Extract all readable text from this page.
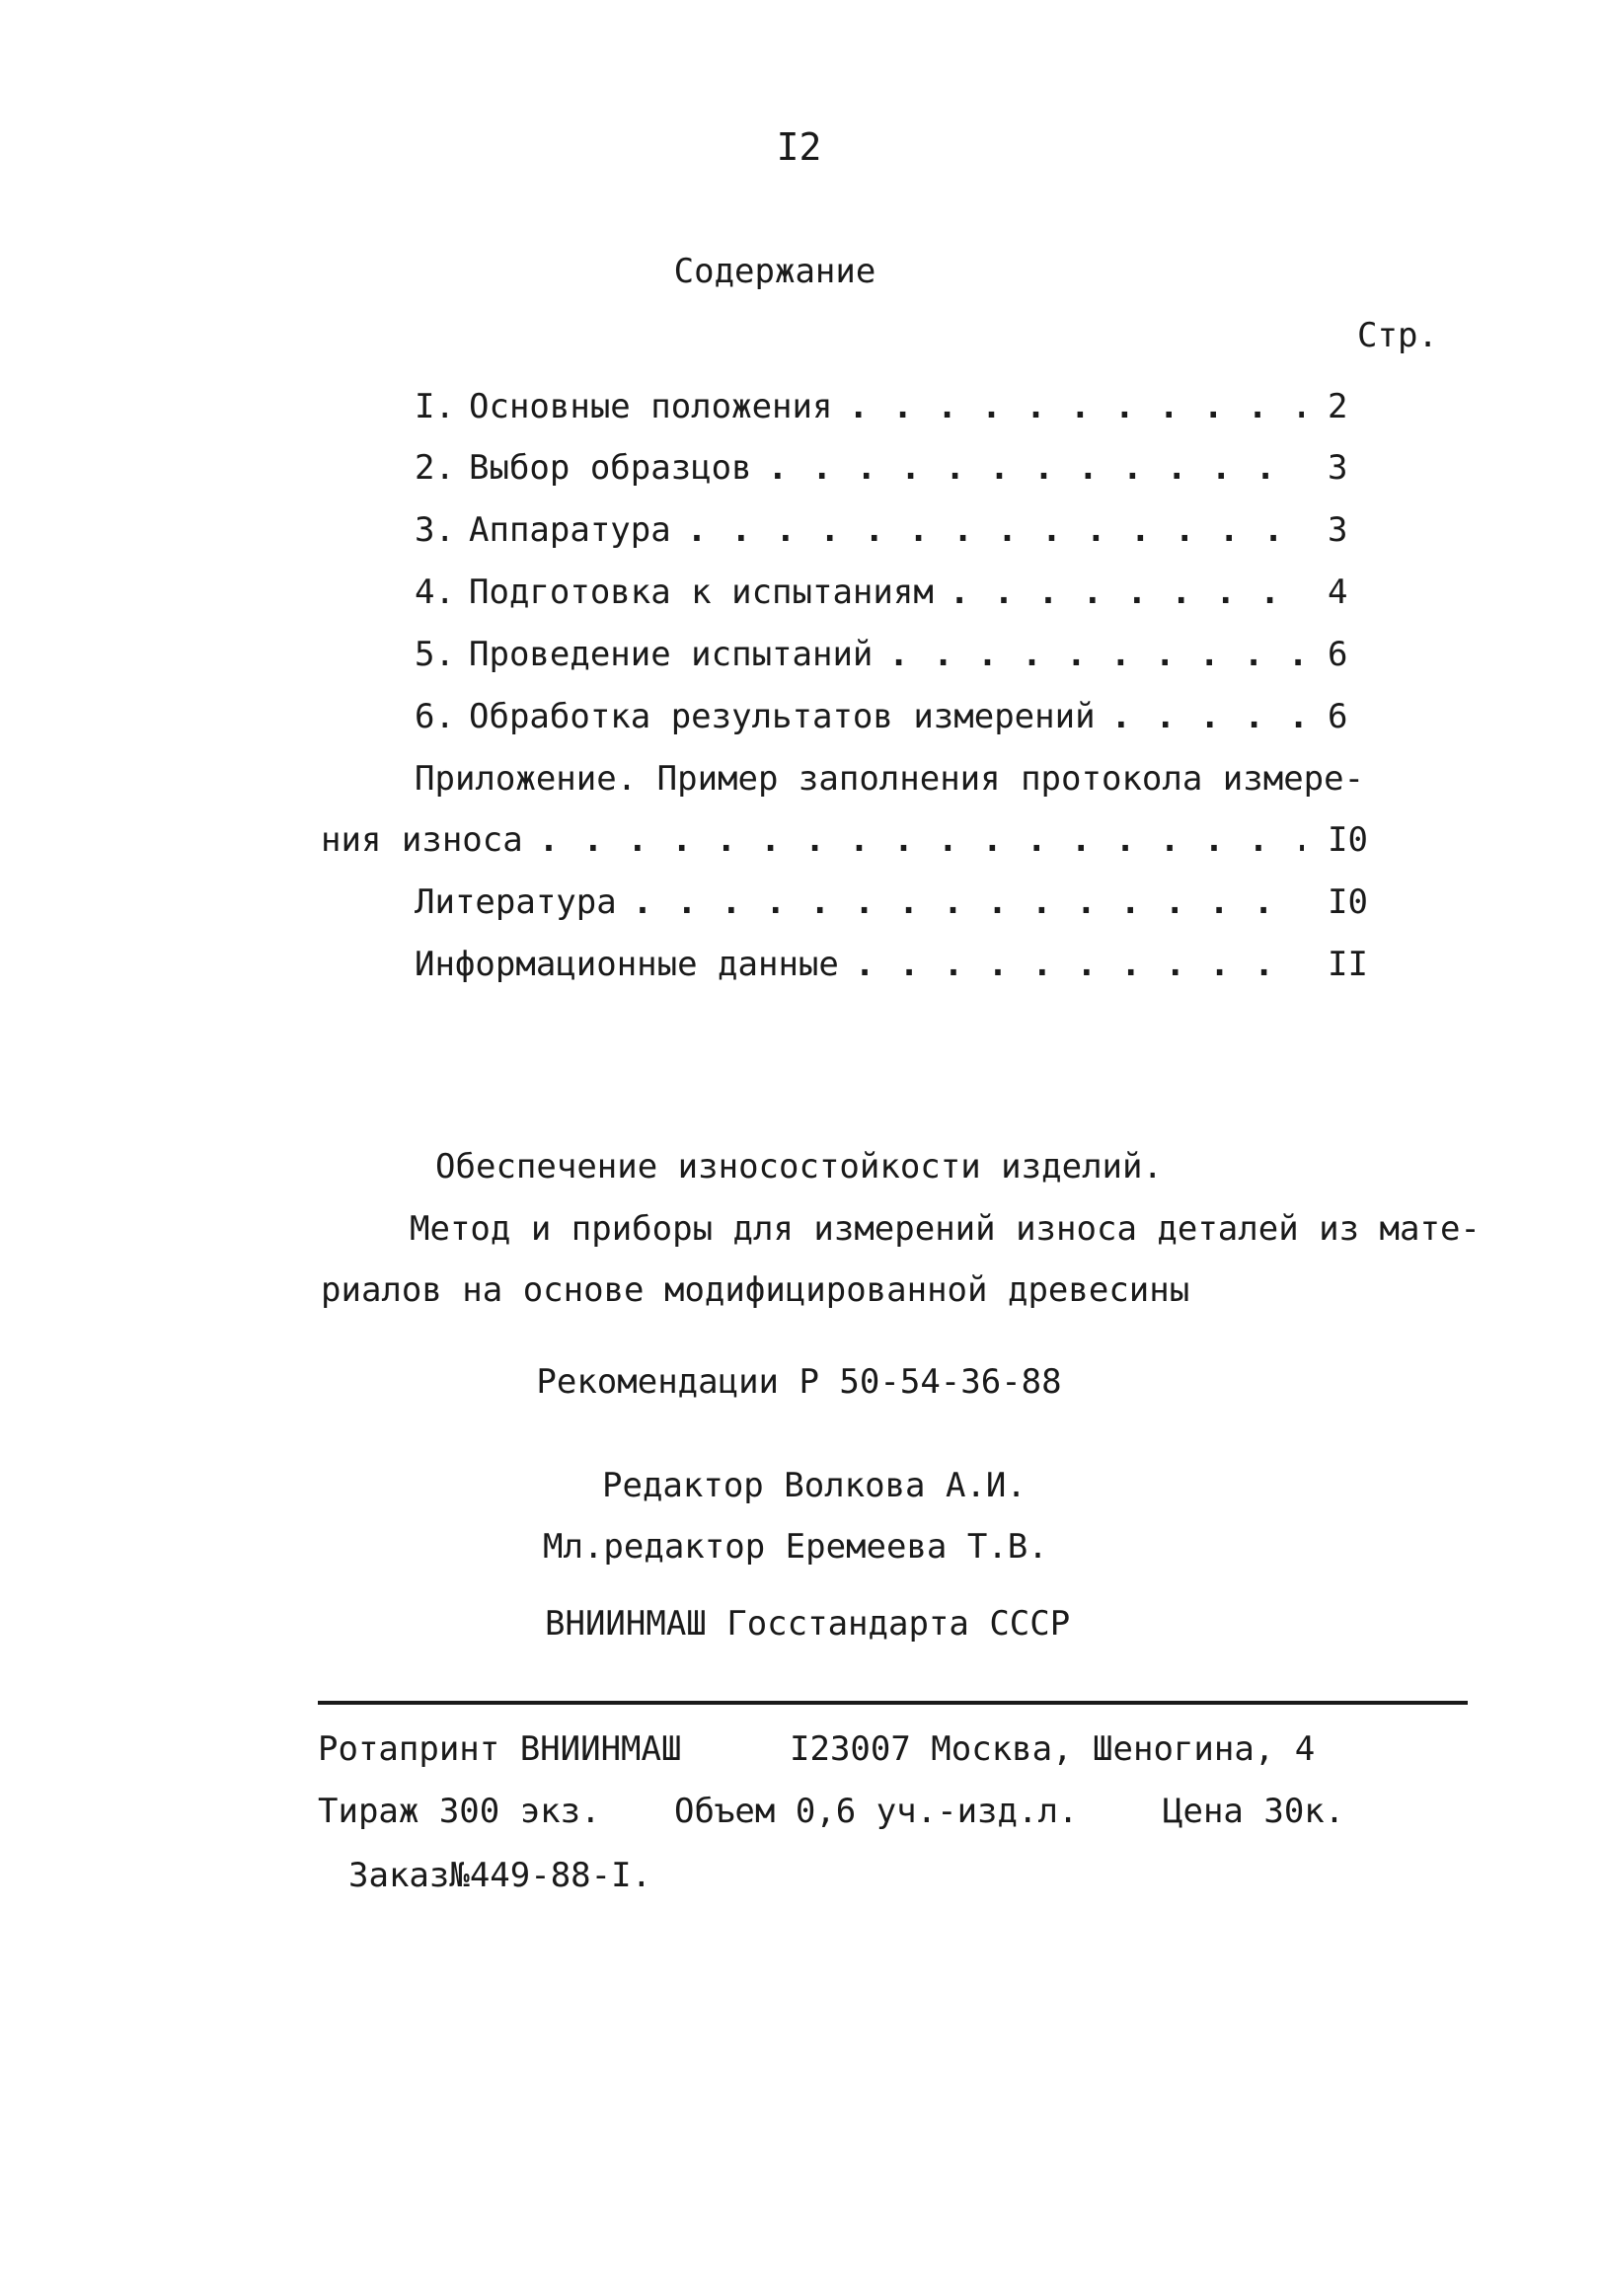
I2
Содержание
Стр.
I. Основные положения . . .	2
2. Выбор образцов . . .	3
3. Аппаратура . . .	3
4. Подготовка к испытаниям . . .	4
5. Проведение испытаний . . .	6
6. Обработка результатов измерений . . .	6
Приложение. Пример заполнения протокола измере-
ния износа . . .	I0
Литература . . .	I0
Информационные данные . . .	II
Обеспечение износостойкости изделий.
Метод и приборы для измерений износа деталей из мате-
риалов на основе модифицированной древесины
Рекомендации Р 50-54-36-88
Редактор Волкова А.И.
Мл.редактор Еремеева Т.В.
ВНИИНМАШ Госстандарта СССР
Ротапринт ВНИИНМАШ	I23007 Москва, Шеногина, 4
Тираж 300 экз. Объем 0,6 уч.-изд.л.	Цена 30к.
Заказ№449-88-I.
